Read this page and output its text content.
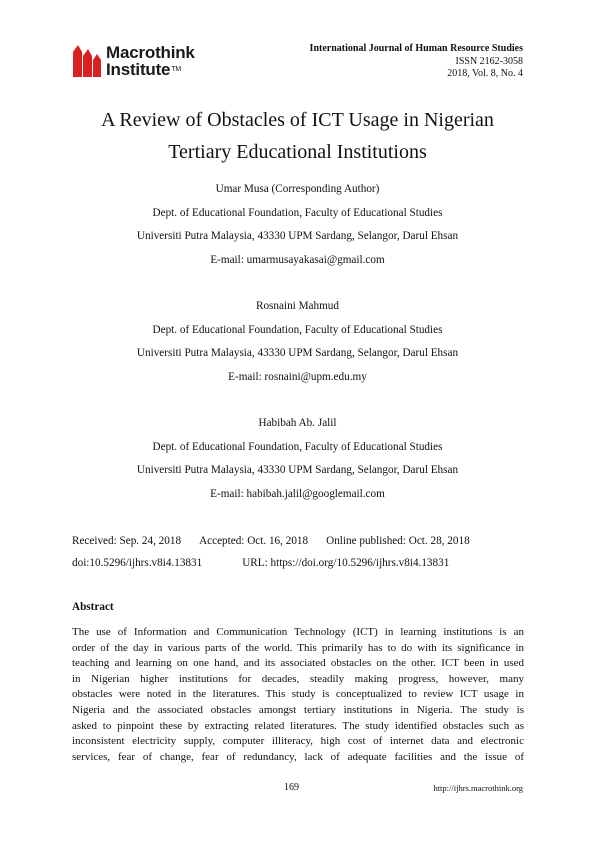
Macrothink
Institute™
International Journal of Human Resource Studies
ISSN 2162-3058
2018, Vol. 8, No. 4
A Review of Obstacles of ICT Usage in Nigerian
Tertiary Educational Institutions
Umar Musa (Corresponding Author)
Dept. of Educational Foundation, Faculty of Educational Studies
Universiti Putra Malaysia, 43330 UPM Sardang, Selangor, Darul Ehsan
E-mail: umarmusayakasai@gmail.com
Rosnaini Mahmud
Dept. of Educational Foundation, Faculty of Educational Studies
Universiti Putra Malaysia, 43330 UPM Sardang, Selangor, Darul Ehsan
E-mail: rosnaini@upm.edu.my
Habibah Ab. Jalil
Dept. of Educational Foundation, Faculty of Educational Studies
Universiti Putra Malaysia, 43330 UPM Sardang, Selangor, Darul Ehsan
E-mail: habibah.jalil@googlemail.com
Received: Sep. 24, 2018 Accepted: Oct. 16, 2018 Online published: Oct. 28, 2018
doi:10.5296/ijhrs.v8i4.13831	URL: https://doi.org/10.5296/ijhrs.v8i4.13831
Abstract
The use of Information and Communication Technology (ICT) in learning institutions is an
order of the day in various parts of the world. This primarily has to do with its significance in
teaching and learning on one hand, and its associated obstacles on the other. ICT been in used
in Nigerian higher institutions for decades, steadily making progress, however, many
obstacles were noted in the literatures. This study is conceptualized to review ICT usage in
Nigeria and the associated obstacles amongst tertiary institutions in Nigeria. The study is
asked to pinpoint these by extracting related literatures. The study identified obstacles such as
inconsistent electricity supply, computer illiteracy, high cost of internet data and electronic
services, fear of change, fear of redundancy, lack of adequate facilities and the issue of
169	http://ijhrs.macrothink.org
